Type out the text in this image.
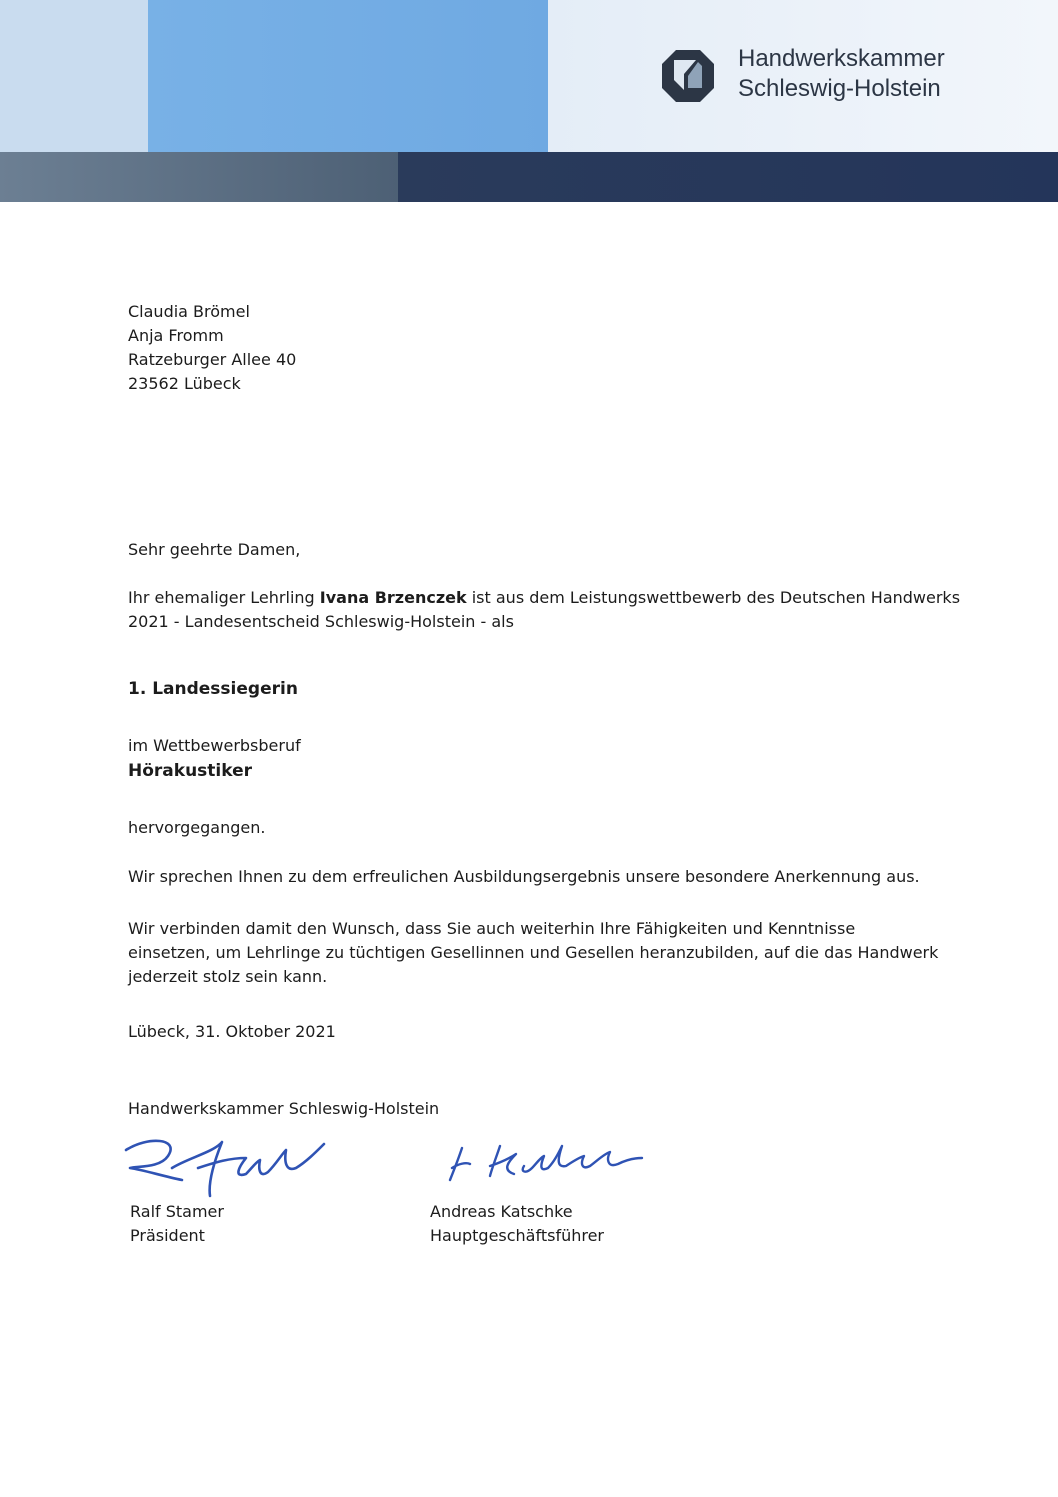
Handwerkskammer
Schleswig-Holstein
Claudia Brömel
Anja Fromm
Ratzeburger Allee 40
23562 Lübeck
Sehr geehrte Damen,
Ihr ehemaliger Lehrling Ivana Brzenczek ist aus dem Leistungswettbewerb des Deutschen Handwerks
2021 - Landesentscheid Schleswig-Holstein - als
1. Landessiegerin
im Wettbewerbsberuf
Hörakustiker
hervorgegangen.
Wir sprechen Ihnen zu dem erfreulichen Ausbildungsergebnis unsere besondere Anerkennung aus.
Wir verbinden damit den Wunsch, dass Sie auch weiterhin Ihre Fähigkeiten und Kenntnisse
einsetzen, um Lehrlinge zu tüchtigen Gesellinnen und Gesellen heranzubilden, auf die das Handwerk
jederzeit stolz sein kann.
Lübeck, 31. Oktober 2021
Handwerkskammer Schleswig-Holstein
Ralf Stamer
Präsident
Andreas Katschke
Hauptgeschäftsführer
